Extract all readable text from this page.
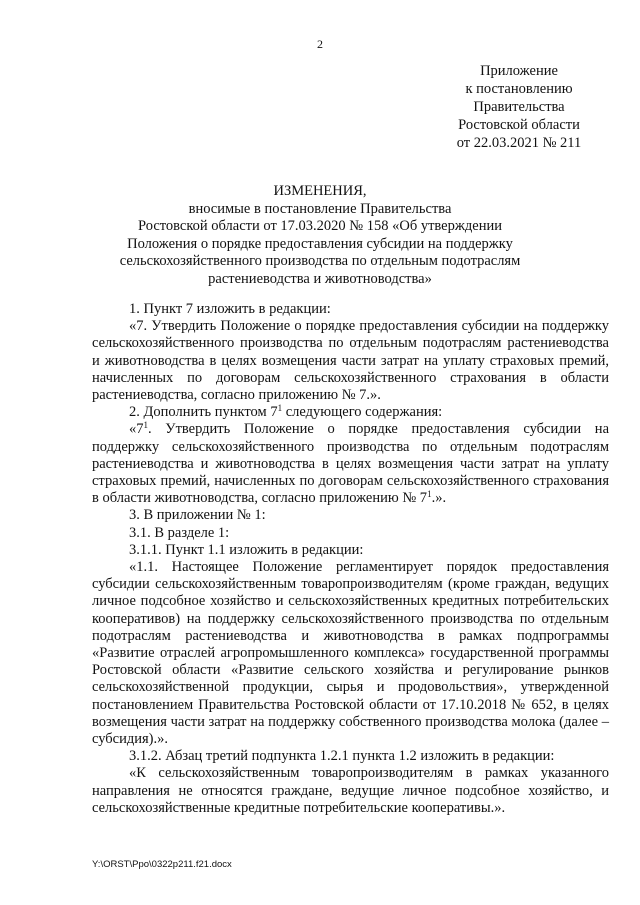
2
Приложение
к постановлению
Правительства
Ростовской области
от 22.03.2021 № 211
ИЗМЕНЕНИЯ,
вносимые в постановление Правительства
Ростовской области от 17.03.2020 № 158 «Об утверждении
Положения о порядке предоставления субсидии на поддержку
сельскохозяйственного производства по отдельным подотраслям
растениеводства и животноводства»

1. Пункт 7 изложить в редакции:

«7. Утвердить Положение о порядке предоставления субсидии на поддержку сельскохозяйственного производства по отдельным подотраслям растениеводства и животноводства в целях возмещения части затрат на уплату страховых премий, начисленных по договорам сельскохозяйственного страхования в области растениеводства, согласно приложению № 7.».

2. Дополнить пунктом $7^1$ следующего содержания:

«$7^1$. Утвердить Положение о порядке предоставления субсидии на поддержку сельскохозяйственного производства по отдельным подотраслям растениеводства и животноводства в целях возмещения части затрат на уплату страховых премий, начисленных по договорам сельскохозяйственного страхования в области животноводства, согласно приложению № $7^1$.».

3. В приложении № 1:

3.1. В разделе 1:

3.1.1. Пункт 1.1 изложить в редакции:

«1.1. Настоящее Положение регламентирует порядок предоставления субсидии сельскохозяйственным товаропроизводителям (кроме граждан, ведущих личное подсобное хозяйство и сельскохозяйственных кредитных потребительских кооперативов) на поддержку сельскохозяйственного производства по отдельным подотраслям растениеводства и животноводства в рамках подпрограммы «Развитие отраслей агропромышленного комплекса» государственной программы Ростовской области «Развитие сельского хозяйства и регулирование рынков сельскохозяйственной продукции, сырья и продовольствия», утвержденной постановлением Правительства Ростовской области от 17.10.2018 № 652, в целях возмещения части затрат на поддержку собственного производства молока (далее – субсидия).».

3.1.2. Абзац третий подпункта 1.2.1 пункта 1.2 изложить в редакции:

«К сельскохозяйственным товаропроизводителям в рамках указанного направления не относятся граждане, ведущие личное подсобное хозяйство, и сельскохозяйственные кредитные потребительские кооперативы.».

Y:\ORST\Ppo\0322p211.f21.docx
